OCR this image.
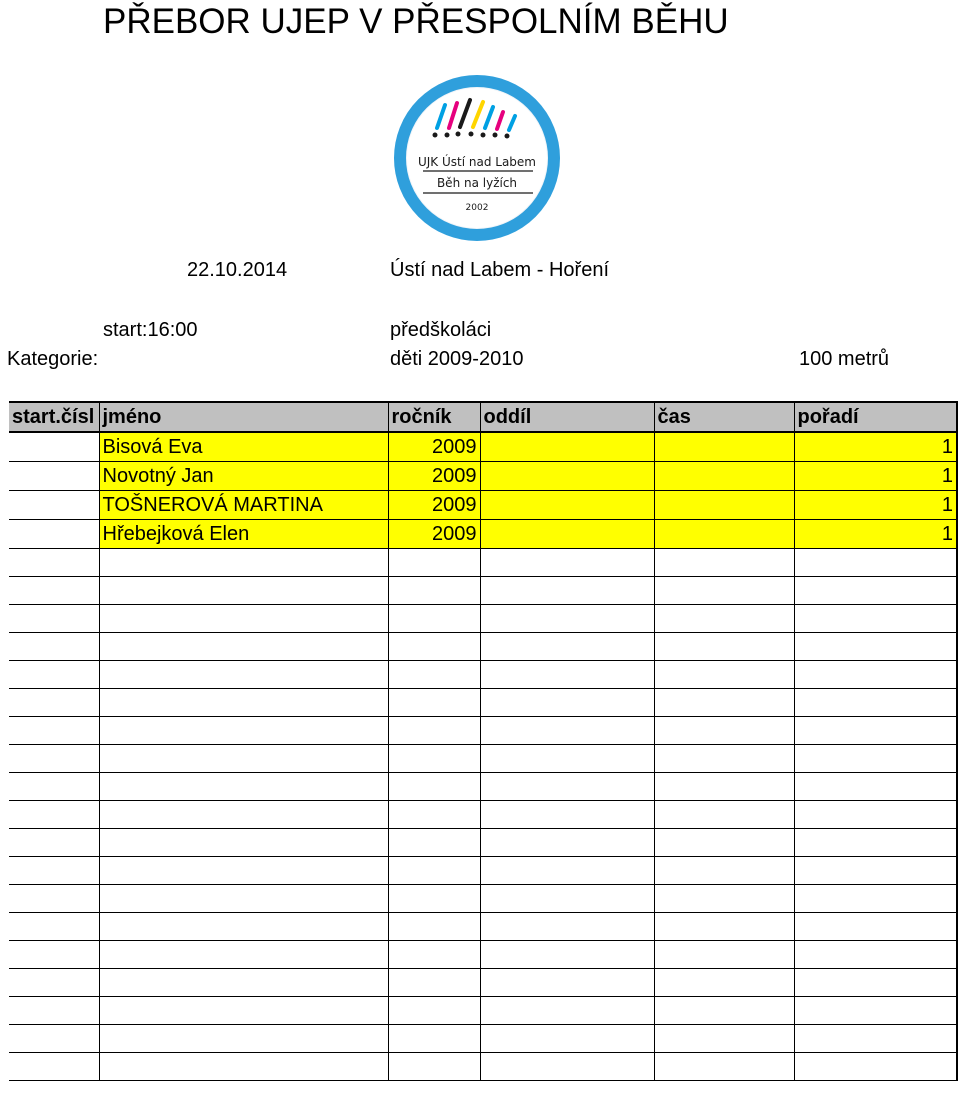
PŘEBOR UJEP V PŘESPOLNÍM BĚHU
UJK Ústí nad Labem
Běh na lyžích
2002
22.10.2014	Ústí nad Labem - Hoření
start:16:00	předškoláci
Kategorie:	děti 2009-2010	100 metrů
start.čísl	jméno	ročník	oddíl	čas	pořadí
	Bisová Eva	2009			1
	Novotný Jan	2009			1
	TOŠNEROVÁ MARTINA	2009			1
	Hřebejková Elen	2009			1
